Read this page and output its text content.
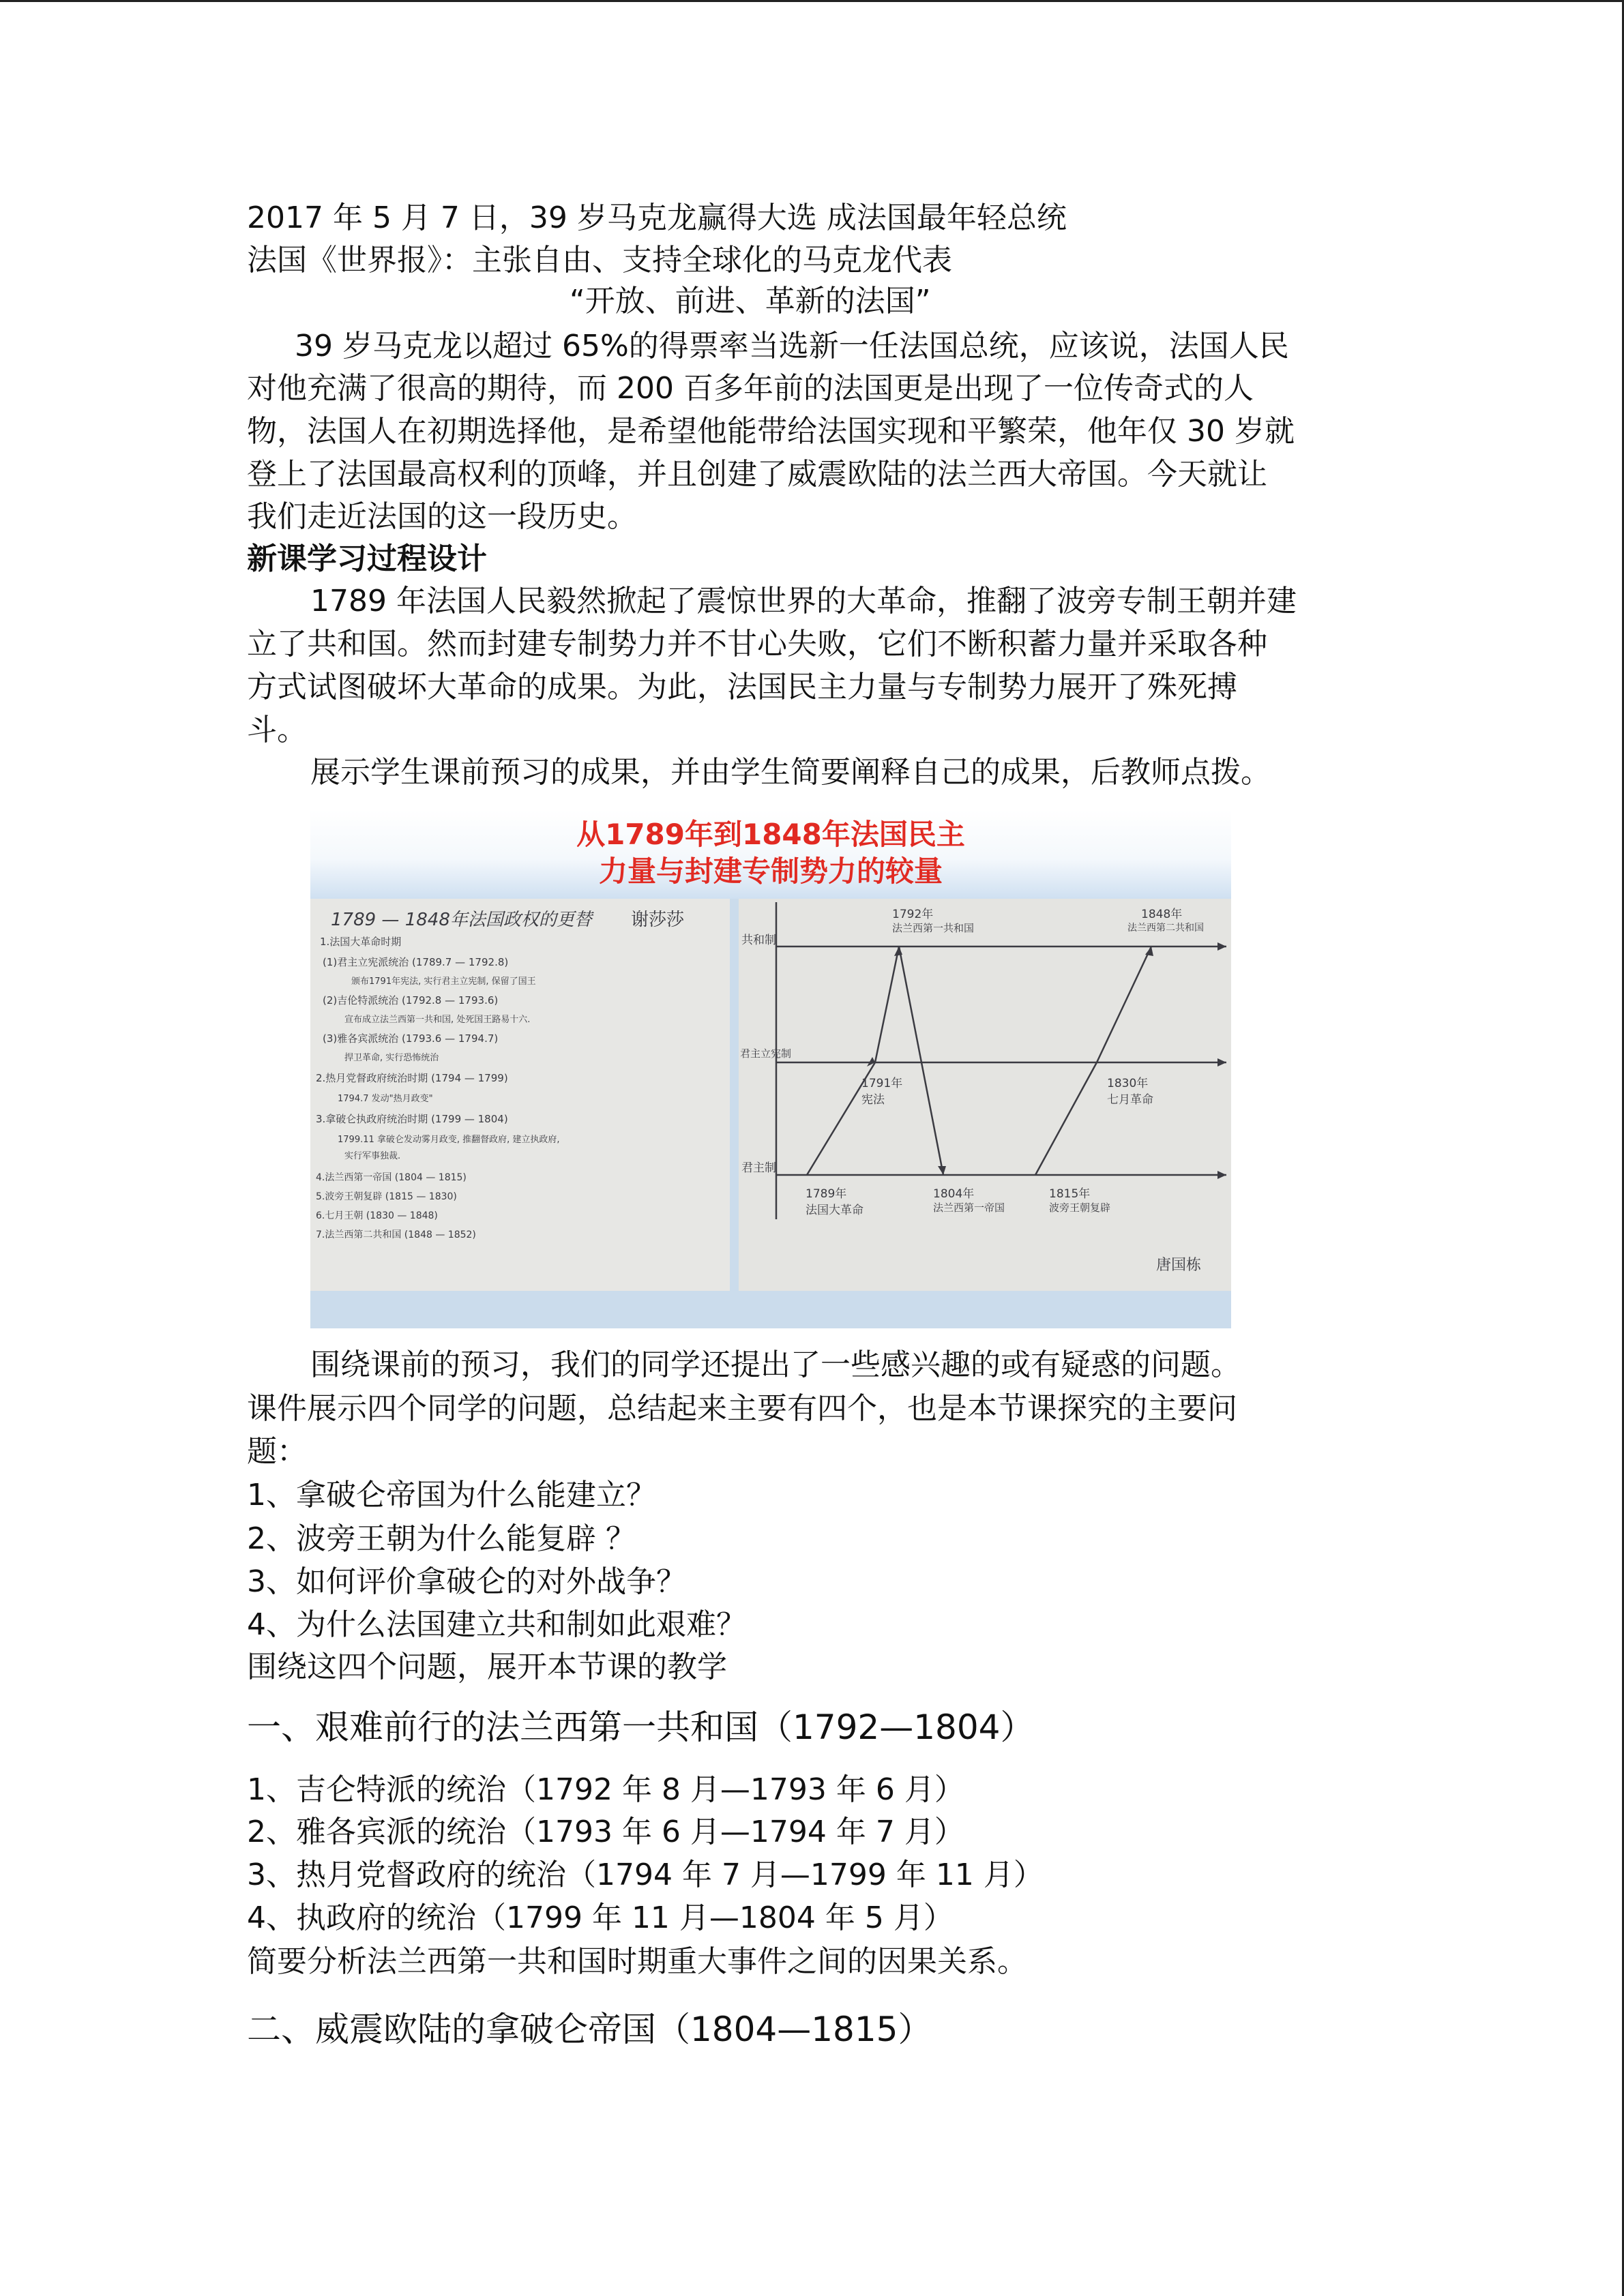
2017 年 5 月 7 日，39 岁马克龙赢得大选 成法国最年轻总统
法国《世界报》：主张自由、支持全球化的马克龙代表
“开放、前进、革新的法国”
39 岁马克龙以超过 65%的得票率当选新一任法国总统，应该说，法国人民
对他充满了很高的期待，而 200 百多年前的法国更是出现了一位传奇式的人
物，法国人在初期选择他，是希望他能带给法国实现和平繁荣，他年仅 30 岁就
登上了法国最高权利的顶峰，并且创建了威震欧陆的法兰西大帝国。今天就让
我们走近法国的这一段历史。
新课学习过程设计
1789 年法国人民毅然掀起了震惊世界的大革命，推翻了波旁专制王朝并建
立了共和国。然而封建专制势力并不甘心失败，它们不断积蓄力量并采取各种
方式试图破坏大革命的成果。为此，法国民主力量与专制势力展开了殊死搏
斗。
展示学生课前预习的成果，并由学生简要阐释自己的成果，后教师点拨。
从1789年到1848年法国民主
力量与封建专制势力的较量
1789 — 1848年法国政权的更替 谢莎莎
1.法国大革命时期
(1)君主立宪派统治 (1789.7 — 1792.8)
颁布1791年宪法, 实行君主立宪制, 保留了国王
(2)吉伦特派统治 (1792.8 — 1793.6)
宣布成立法兰西第一共和国, 处死国王路易十六.
(3)雅各宾派统治 (1793.6 — 1794.7)
捍卫革命, 实行恐怖统治
2.热月党督政府统治时期 (1794 — 1799)
1794.7 发动"热月政变"
3.拿破仑执政府统治时期 (1799 — 1804)
1799.11 拿破仑发动雾月政变, 推翻督政府, 建立执政府,
实行军事独裁.
4.法兰西第一帝国 (1804 — 1815)
5.波旁王朝复辟 (1815 — 1830)
6.七月王朝 (1830 — 1848)
7.法兰西第二共和国 (1848 — 1852)
共和制
君主立宪制
君主制
1789年
法国大革命
1791年
宪法
1792年
法兰西第一共和国
1804年
法兰西第一帝国
1815年
波旁王朝复辟
1830年
七月革命
1848年
法兰西第二共和国
唐国栋
围绕课前的预习，我们的同学还提出了一些感兴趣的或有疑惑的问题。
课件展示四个同学的问题，总结起来主要有四个，也是本节课探究的主要问
题：
1、拿破仑帝国为什么能建立？
2、波旁王朝为什么能复辟 ？
3、如何评价拿破仑的对外战争？
4、为什么法国建立共和制如此艰难？
围绕这四个问题，展开本节课的教学
一、艰难前行的法兰西第一共和国（1792—1804）
1、吉仑特派的统治（1792 年 8 月—1793 年 6 月）
2、雅各宾派的统治（1793 年 6 月—1794 年 7 月）
3、热月党督政府的统治（1794 年 7 月—1799 年 11 月）
4、执政府的统治（1799 年 11 月—1804 年 5 月）
简要分析法兰西第一共和国时期重大事件之间的因果关系。
二、威震欧陆的拿破仑帝国（1804—1815）
